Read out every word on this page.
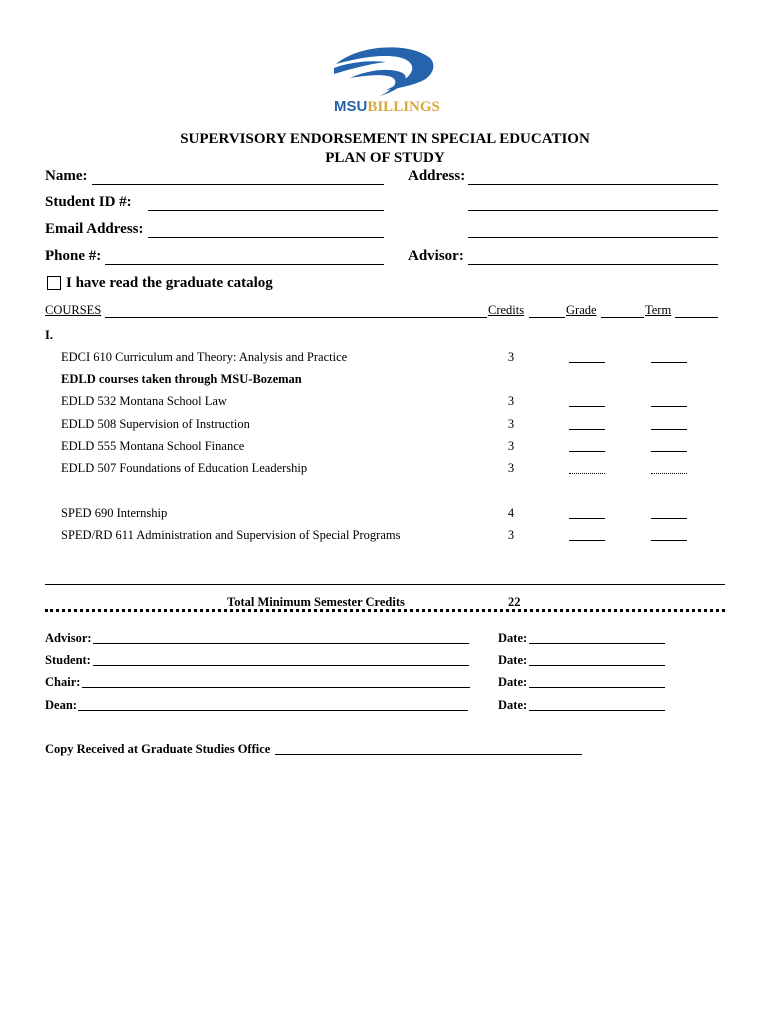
MSUBILLINGS
SUPERVISORY ENDORSEMENT IN SPECIAL EDUCATION
PLAN OF STUDY
Name:	Address:
Student ID #:
Email Address:
Phone #:	Advisor:
I have read the graduate catalog
COURSES	Credits	Grade	Term
I.
EDCI 610 Curriculum and Theory: Analysis and Practice	3
EDLD courses taken through MSU-Bozeman
EDLD 532 Montana School Law	3
EDLD 508 Supervision of Instruction	3
EDLD 555 Montana School Finance	3
EDLD 507 Foundations of Education Leadership	3
SPED 690 Internship	4
SPED/RD 611 Administration and Supervision of Special Programs	3
Total Minimum Semester Credits	22
Advisor:	Date:
Student:	Date:
Chair:	Date:
Dean:	Date:
Copy Received at Graduate Studies Office
